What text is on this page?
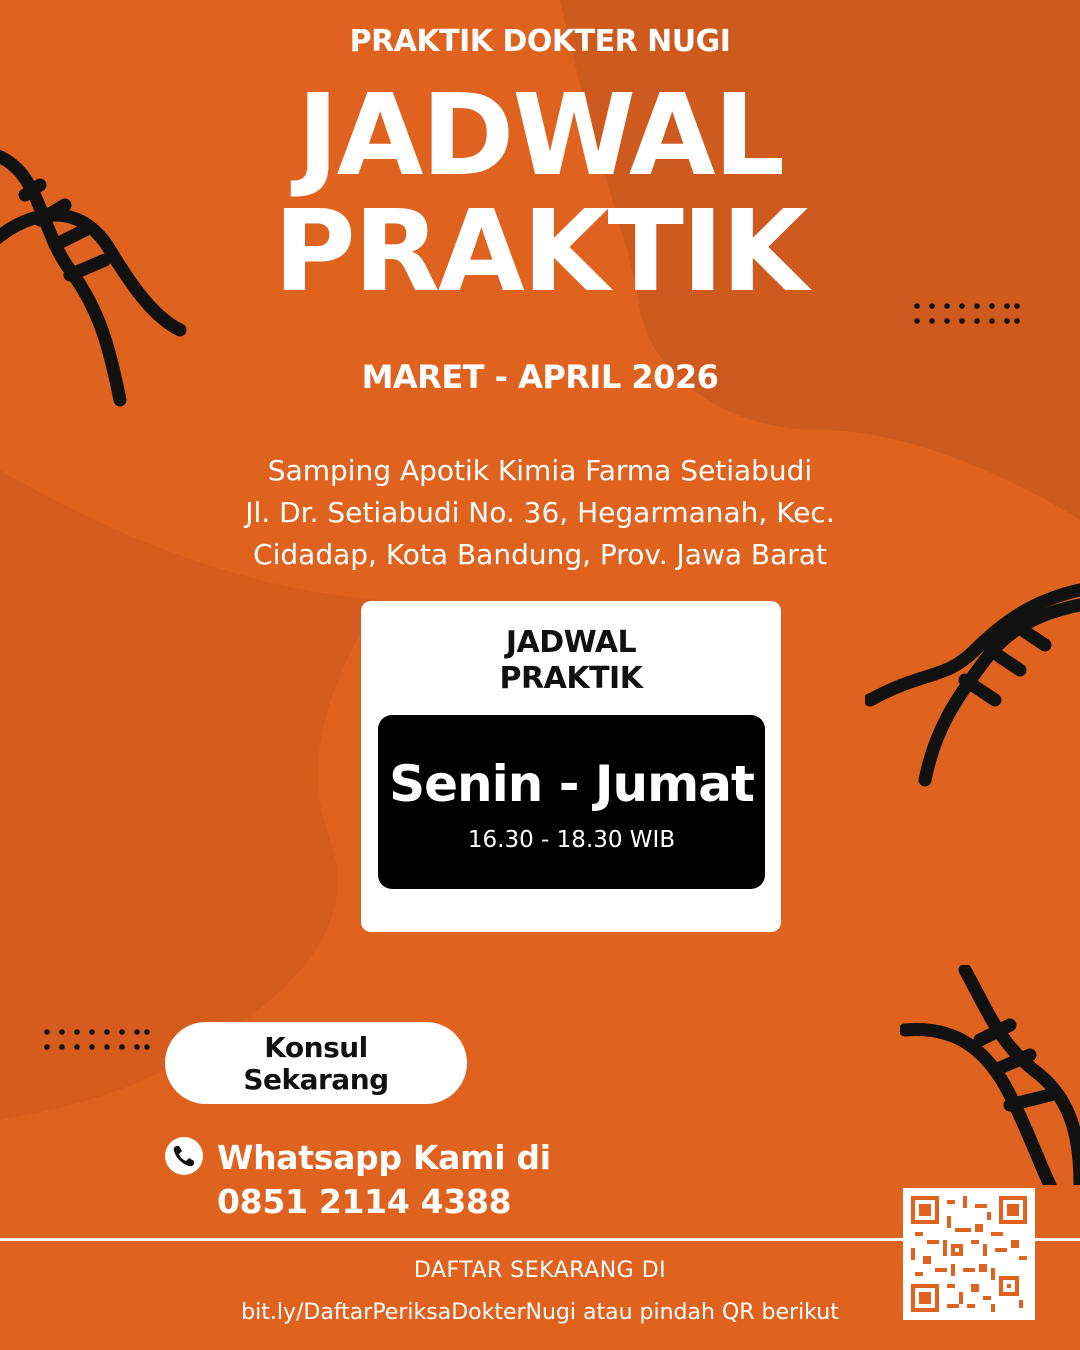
PRAKTIK DOKTER NUGI
JADWAL
PRAKTIK
MARET - APRIL 2026
Samping Apotik Kimia Farma Setiabudi
Jl. Dr. Setiabudi No. 36, Hegarmanah, Kec.
Cidadap, Kota Bandung, Prov. Jawa Barat
JADWAL
PRAKTIK
Senin - Jumat
16.30 - 18.30 WIB
Konsul
Sekarang
Whatsapp Kami di
0851 2114 4388
DAFTAR SEKARANG DI
bit.ly/DaftarPeriksaDokterNugi atau pindah QR berikut
